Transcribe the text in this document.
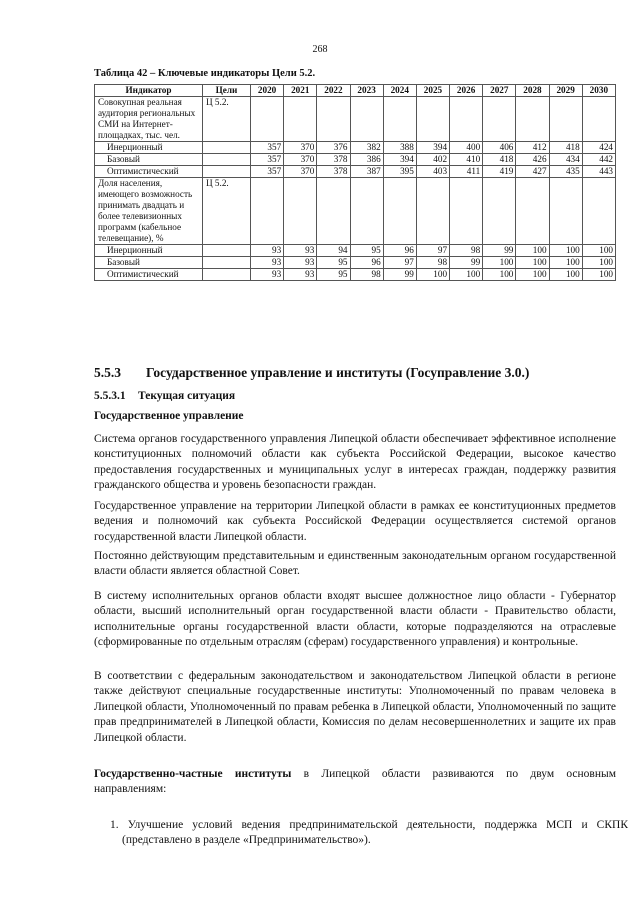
268
Таблица 42 – Ключевые индикаторы Цели 5.2.
Индикатор	Цели	2020	2021	2022	2023	2024	2025	2026	2027	2028	2029	2030
Совокупная реальная аудитория региональных СМИ на Интернет-площадках, тыс. чел.	Ц 5.2.											
Инерционный		357	370	376	382	388	394	400	406	412	418	424
Базовый		357	370	378	386	394	402	410	418	426	434	442
Оптимистический		357	370	378	387	395	403	411	419	427	435	443
Доля населения, имеющего возможность принимать двадцать и более телевизионных программ (кабельное телевещание), %	Ц 5.2.											
Инерционный		93	93	94	95	96	97	98	99	100	100	100
Базовый		93	93	95	96	97	98	99	100	100	100	100
Оптимистический		93	93	95	98	99	100	100	100	100	100	100
5.5.3 Государственное управление и институты (Госуправление 3.0.)
5.5.3.1 Текущая ситуация
Государственное управление

Система органов государственного управления Липецкой области обеспечивает эффективное исполнение конституционных полномочий области как субъекта Российской Федерации, высокое качество предоставления государственных и муниципальных услуг в интересах граждан, поддержку развития гражданского общества и уровень безопасности граждан.

Государственное управление на территории Липецкой области в рамках ее конституционных предметов ведения и полномочий как субъекта Российской Федерации осуществляется системой органов государственной власти Липецкой области.

Постоянно действующим представительным и единственным законодательным органом государственной власти области является областной Совет.

В систему исполнительных органов области входят высшее должностное лицо области - Губернатор области, высший исполнительный орган государственной власти области - Правительство области, исполнительные органы государственной власти области, которые подразделяются на отраслевые (сформированные по отдельным отраслям (сферам) государственного управления) и контрольные.

В соответствии с федеральным законодательством и законодательством Липецкой области в регионе также действуют специальные государственные институты: Уполномоченный по правам человека в Липецкой области, Уполномоченный по правам ребенка в Липецкой области, Уполномоченный по защите прав предпринимателей в Липецкой области, Комиссия по делам несовершеннолетних и защите их прав Липецкой области.

Государственно-частные институты в Липецкой области развиваются по двум основным направлениям:

1. Улучшение условий ведения предпринимательской деятельности, поддержка МСП и СКПК (представлено в разделе «Предпринимательство»).
